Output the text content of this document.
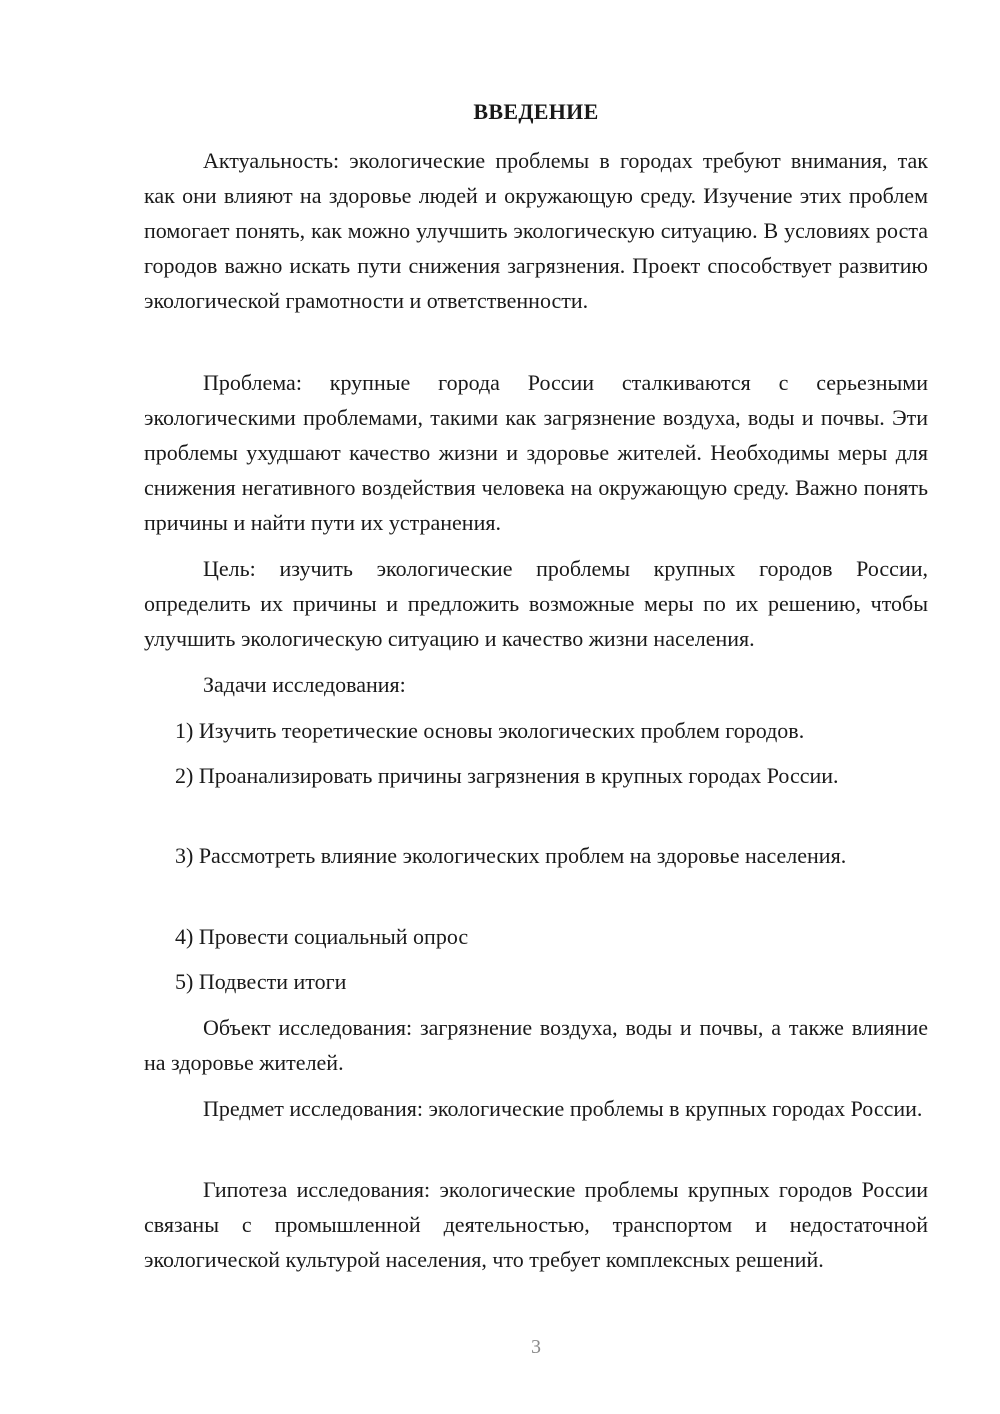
ВВЕДЕНИЕ

Актуальность: экологические проблемы в городах требуют внимания, так как они влияют на здоровье людей и окружающую среду. Изучение этих проблем помогает понять, как можно улучшить экологическую ситуацию. В условиях роста городов важно искать пути снижения загрязнения. Проект способствует развитию экологической грамотности и ответственности.

Проблема: крупные города России сталкиваются с серьезными экологическими проблемами, такими как загрязнение воздуха, воды и почвы. Эти проблемы ухудшают качество жизни и здоровье жителей. Необходимы меры для снижения негативного воздействия человека на окружающую среду. Важно понять причины и найти пути их устранения.

Цель: изучить экологические проблемы крупных городов России, определить их причины и предложить возможные меры по их решению, чтобы улучшить экологическую ситуацию и качество жизни населения.

Задачи исследования:

1) Изучить теоретические основы экологических проблем городов.

2) Проанализировать причины загрязнения в крупных городах России.

3) Рассмотреть влияние экологических проблем на здоровье населения.

4) Провести социальный опрос

5) Подвести итоги

Объект исследования: загрязнение воздуха, воды и почвы, а также влияние на здоровье жителей.

Предмет исследования: экологические проблемы в крупных городах России.

Гипотеза исследования: экологические проблемы крупных городов России связаны с промышленной деятельностью, транспортом и недостаточной экологической культурой населения, что требует комплексных решений.

3
